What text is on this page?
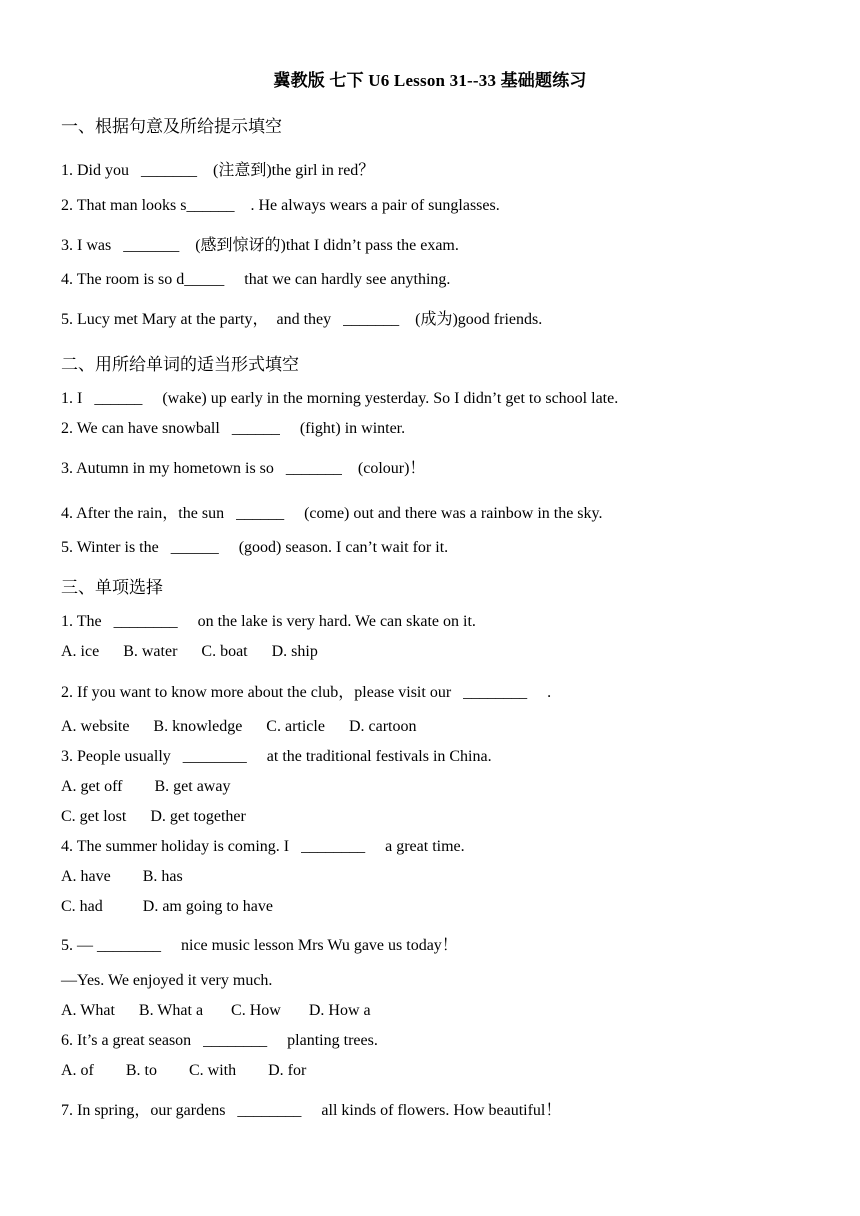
冀教版 七下 U6 Lesson 31--33 基础题练习
一、根据句意及所给提示填空
1. Did you   _______    (注意到)the girl in red？
2. That man looks s______    . He always wears a pair of sunglasses.
3. I was   _______    (感到惊讶的)that I didn’t pass the exam.
4. The room is so d_____     that we can hardly see anything.
5. Lucy met Mary at the party，  and they   _______    (成为)good friends.
二、用所给单词的适当形式填空
1. I   ______     (wake) up early in the morning yesterday. So I didn’t get to school late.
2. We can have snowball   ______     (fight) in winter.
3. Autumn in my hometown is so   _______    (colour)！
4. After the rain，the sun   ______     (come) out and there was a rainbow in the sky.
5. Winter is the   ______     (good) season. I can’t wait for it.
三、单项选择
1. The   ________     on the lake is very hard. We can skate on it.
A. ice      B. water      C. boat      D. ship
2. If you want to know more about the club，please visit our   ________     .
A. website      B. knowledge      C. article      D. cartoon
3. People usually   ________     at the traditional festivals in China.
A. get off        B. get away
C. get lost      D. get together
4. The summer holiday is coming. I   ________     a great time.
A. have        B. has
C. had          D. am going to have
5. — ________     nice music lesson Mrs Wu gave us today！
—Yes. We enjoyed it very much.
A. What      B. What a       C. How       D. How a
6. It’s a great season   ________     planting trees.
A. of        B. to        C. with        D. for
7. In spring，our gardens   ________     all kinds of flowers. How beautiful！
